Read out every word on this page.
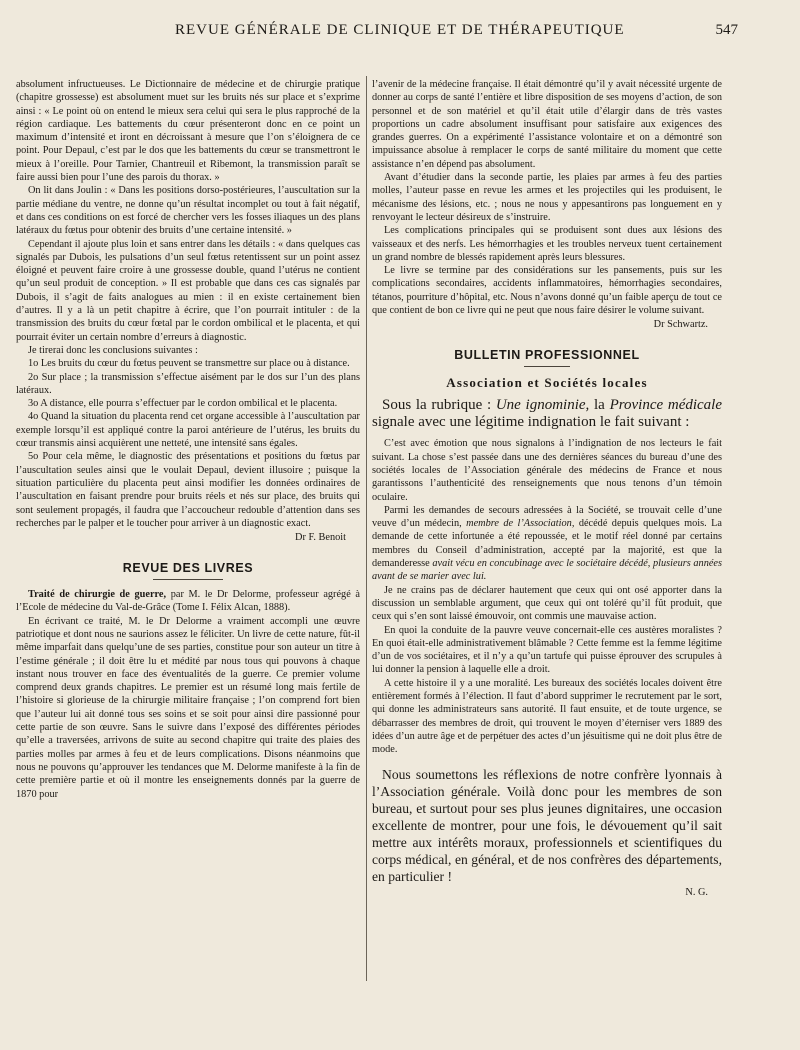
REVUE GÉNÉRALE DE CLINIQUE ET DE THÉRAPEUTIQUE	547

absolument infructueuses. Le Dictionnaire de médecine et de chirurgie pratique (chapitre grossesse) est absolument muet sur les bruits nés sur place et s’exprime ainsi : « Le point où on entend le mieux sera celui qui sera le plus rapproché de la région cardiaque. Les battements du cœur présenteront donc en ce point un maximum d’intensité et iront en décroissant à mesure que l’on s’éloignera de ce point. Pour Depaul, c’est par le dos que les battements du cœur se transmettront le mieux à l’oreille. Pour Tarnier, Chantreuil et Ribemont, la transmission paraît se faire aussi bien pour l’une des parois du thorax. »

On lit dans Joulin : « Dans les positions dorso-postérieures, l’auscultation sur la partie médiane du ventre, ne donne qu’un résultat incomplet ou tout à fait négatif, et dans ces conditions on est forcé de chercher vers les fosses iliaques un des plans latéraux du fœtus pour obtenir des bruits d’une certaine intensité. »

Cependant il ajoute plus loin et sans entrer dans les détails : « dans quelques cas signalés par Dubois, les pulsations d’un seul fœtus retentissent sur un point assez éloigné et peuvent faire croire à une grossesse double, quand l’utérus ne contient qu’un seul produit de conception. » Il est probable que dans ces cas signalés par Dubois, il s’agit de faits analogues au mien : il en existe certainement bien d’autres. Il y a là un petit chapitre à écrire, que l’on pourrait intituler : de la transmission des bruits du cœur fœtal par le cordon ombilical et le placenta, et qui pourrait éviter un certain nombre d’erreurs à diagnostic.

Je tirerai donc les conclusions suivantes :

1o Les bruits du cœur du fœtus peuvent se transmettre sur place ou à distance.

2o Sur place ; la transmission s’effectue aisément par le dos sur l’un des plans latéraux.

3o A distance, elle pourra s’effectuer par le cordon ombilical et le placenta.

4o Quand la situation du placenta rend cet organe accessible à l’auscultation par exemple lorsqu’il est appliqué contre la paroi antérieure de l’utérus, les bruits du cœur transmis ainsi acquièrent une netteté, une intensité sans égales.

5o Pour cela même, le diagnostic des présentations et positions du fœtus par l’auscultation seules ainsi que le voulait Depaul, devient illusoire ; puisque la situation particulière du placenta peut ainsi modifier les données ordinaires de l’auscultation en faisant prendre pour bruits réels et nés sur place, des bruits qui sont seulement propagés, il faudra que l’accoucheur redouble d’attention dans ses recherches par le palper et le toucher pour arriver à un diagnostic exact.

Dr F. Benoit
REVUE DES LIVRES

Traité de chirurgie de guerre, par M. le Dr Delorme, professeur agrégé à l’Ecole de médecine du Val-de-Grâce (Tome I. Félix Alcan, 1888).

En écrivant ce traité, M. le Dr Delorme a vraiment accompli une œuvre patriotique et dont nous ne saurions assez le féliciter. Un livre de cette nature, fût-il même imparfait dans quelqu’une de ses parties, constitue pour son auteur un titre à l’estime générale ; il doit être lu et médité par nous tous qui pouvons à chaque instant nous trouver en face des éventualités de la guerre. Ce premier volume comprend deux grands chapitres. Le premier est un résumé long mais fertile de l’histoire si glorieuse de la chirurgie militaire française ; l’on comprend fort bien que l’auteur lui ait donné tous ses soins et se soit pour ainsi dire passionné pour cette partie de son œuvre. Sans le suivre dans l’exposé des différentes périodes qu’elle a traversées, arrivons de suite au second chapitre qui traite des plaies des parties molles par armes à feu et de leurs complications. Disons néanmoins que nous ne pouvons qu’approuver les tendances que M. Delorme manifeste à la fin de cette première partie et où il montre les enseignements donnés par la guerre de 1870 pour

l’avenir de la médecine française. Il était démontré qu’il y avait nécessité urgente de donner au corps de santé l’entière et libre disposition de ses moyens d’action, de son personnel et de son matériel et qu’il était utile d’élargir dans de très vastes proportions un cadre absolument insuffisant pour satisfaire aux exigences des grandes guerres. On a expérimenté l’assistance volontaire et on a démontré son impuissance absolue à remplacer le corps de santé militaire du moment que cette assistance n’en dépend pas absolument.

Avant d’étudier dans la seconde partie, les plaies par armes à feu des parties molles, l’auteur passe en revue les armes et les projectiles qui les produisent, le mécanisme des lésions, etc. ; nous ne nous y appesantirons pas longuement en y renvoyant le lecteur désireux de s’instruire.

Les complications principales qui se produisent sont dues aux lésions des vaisseaux et des nerfs. Les hémorrhagies et les troubles nerveux tuent certainement un grand nombre de blessés rapidement après leurs blessures.

Le livre se termine par des considérations sur les pansements, puis sur les complications secondaires, accidents inflammatoires, hémorrhagies secondaires, tétanos, pourriture d’hôpital, etc. Nous n’avons donné qu’un faible aperçu de tout ce que contient de bon ce livre qui ne peut que nous faire désirer le volume suivant.

Dr Schwartz.
BULLETIN PROFESSIONNEL
Association et Sociétés locales

Sous la rubrique : Une ignominie, la Province médicale signale avec une légitime indignation le fait suivant :

C’est avec émotion que nous signalons à l’indignation de nos lecteurs le fait suivant. La chose s’est passée dans une des dernières séances du bureau d’une des sociétés locales de l’Association générale des médecins de France et nous garantissons l’authenticité des renseignements que nous tenons d’un témoin oculaire.

Parmi les demandes de secours adressées à la Société, se trouvait celle d’une veuve d’un médecin, membre de l’Association, décédé depuis quelques mois. La demande de cette infortunée a été repoussée, et le motif réel donné par certains membres du Conseil d’administration, accepté par la majorité, est que la demanderesse avait vécu en concubinage avec le sociétaire décédé, plusieurs années avant de se marier avec lui.

Je ne crains pas de déclarer hautement que ceux qui ont osé apporter dans la discussion un semblable argument, que ceux qui ont toléré qu’il fût produit, que ceux qui s’en sont laissé émouvoir, ont commis une mauvaise action.

En quoi la conduite de la pauvre veuve concernait-elle ces austères moralistes ? En quoi était-elle administrativement blâmable ? Cette femme est la femme légitime d’un de vos sociétaires, et il n’y a qu’un tartufe qui puisse éprouver des scrupules à lui donner la pension à laquelle elle a droit.

A cette histoire il y a une moralité. Les bureaux des sociétés locales doivent être entièrement formés à l’élection. Il faut d’abord supprimer le recrutement par le sort, qui donne les administrateurs sans autorité. Il faut ensuite, et de toute urgence, se débarrasser des membres de droit, qui trouvent le moyen d’éterniser vers 1889 des idées d’un autre âge et de perpétuer des actes d’un jésuitisme qui ne doit plus être de mode.

Nous soumettons les réflexions de notre confrère lyonnais à l’Association générale. Voilà donc pour les membres de son bureau, et surtout pour ses plus jeunes dignitaires, une occasion excellente de montrer, pour une fois, le dévouement qu’il sait mettre aux intérêts moraux, professionnels et scientifiques du corps médical, en général, et de nos confrères des départements, en particulier !

N. G.
